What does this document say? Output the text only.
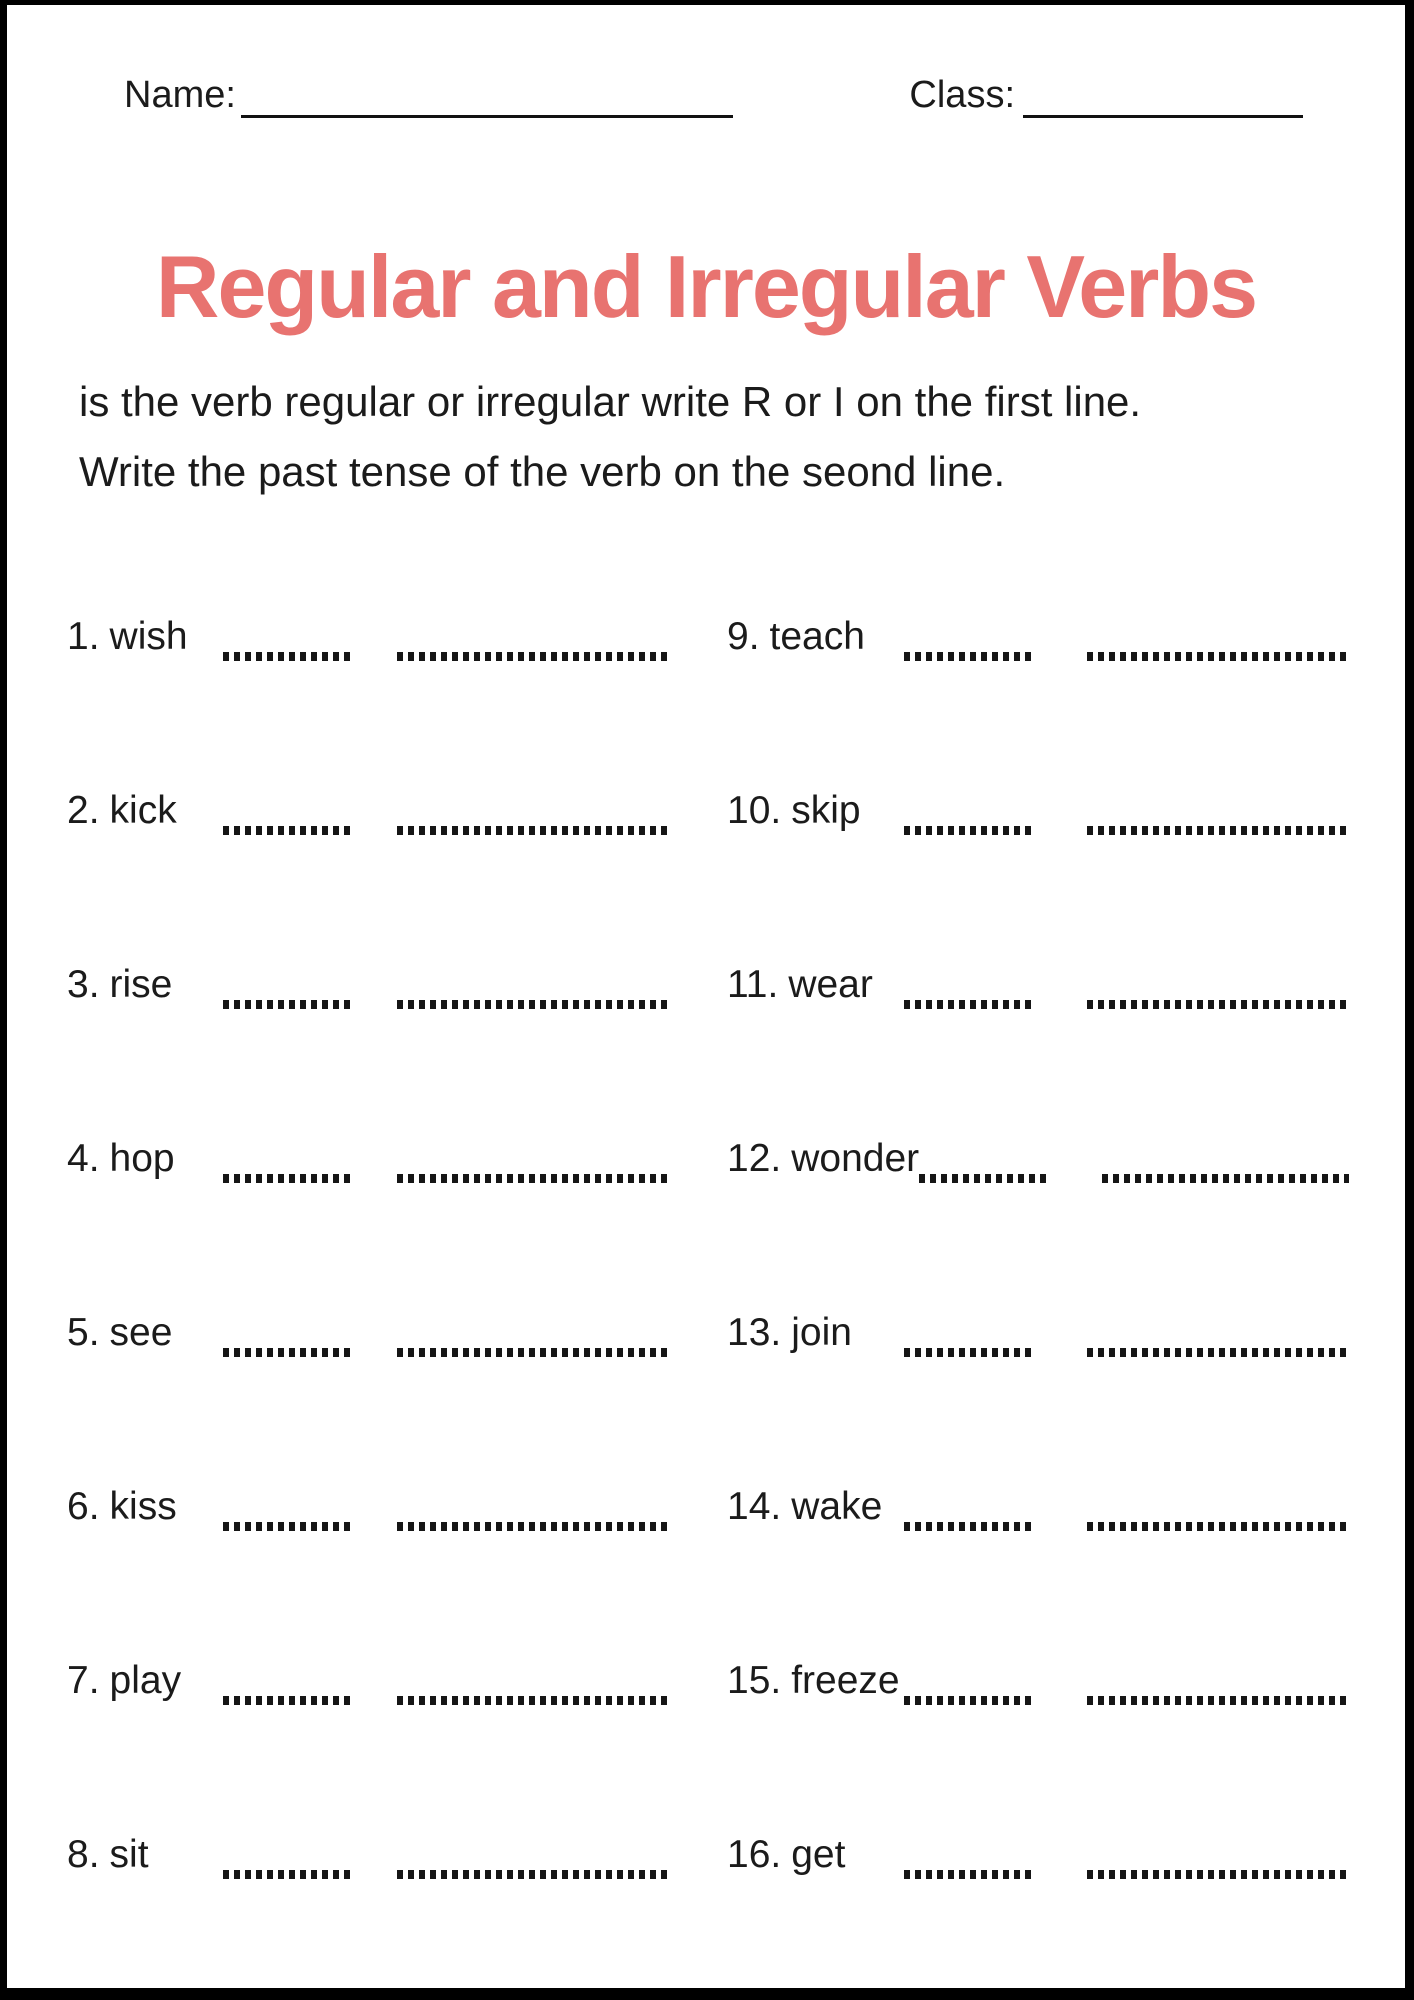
Name:	Class:
Regular and Irregular Verbs
is the verb regular or irregular write R or I on the first line.
Write the past tense of the verb on the seond line.
1. wish
2. kick
3. rise
4. hop
5. see
6. kiss
7. play
8. sit
9. teach
10. skip
11. wear
12. wonder
13. join
14. wake
15. freeze
16. get
